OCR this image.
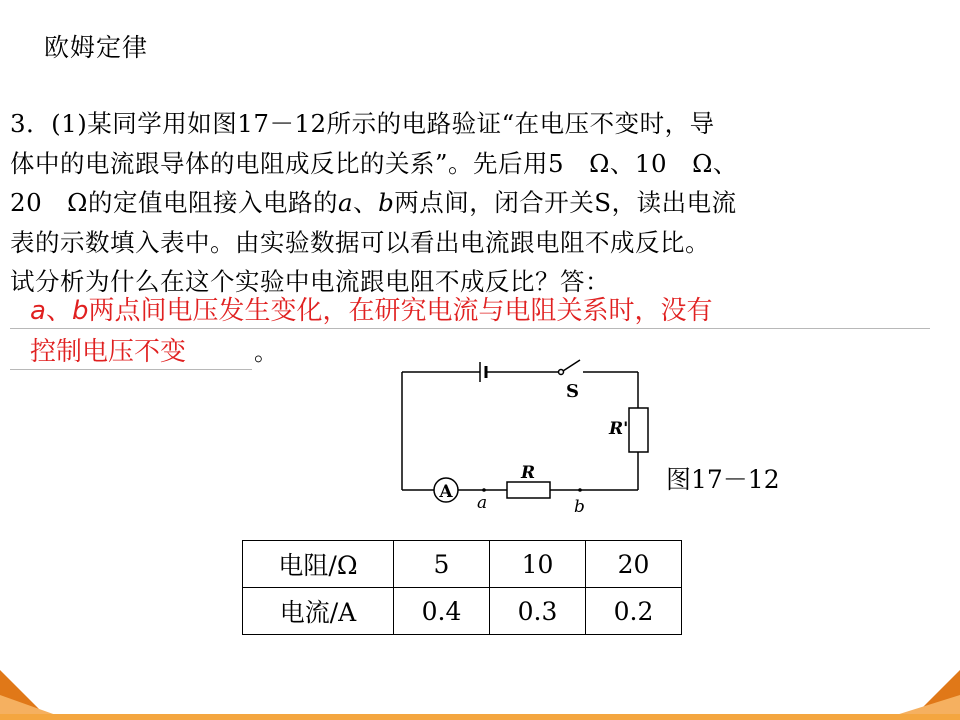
欧姆定律
3．(1)某同学用如图17－12所示的电路验证“在电压不变时，导
体中的电流跟导体的电阻成反比的关系”。先后用5　Ω、10　Ω、
20　Ω的定值电阻接入电路的a、b两点间，闭合开关S，读出电流
表的示数填入表中。由实验数据可以看出电流跟电阻不成反比。
试分析为什么在这个实验中电流跟电阻不成反比？答：
a、b两点间电压发生变化，在研究电流与电阻关系时，没有
控制电压不变	。
S
R'
R
A
a	b
图17－12
电阻/Ω	5	10	20
电流/A	0.4	0.3	0.2
